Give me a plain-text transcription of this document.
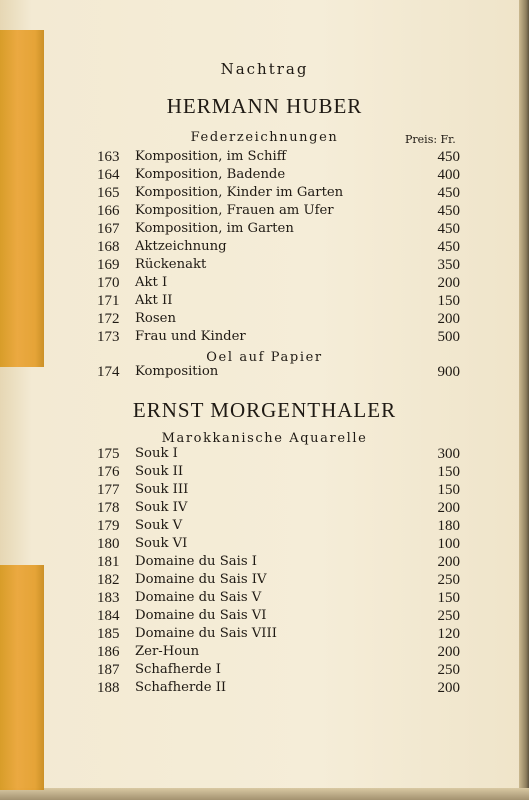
Nachtrag
HERMANN HUBER
Federzeichnungen	Preis: Fr.
Oel auf Papier
ERNST MORGENTHALER
Marokkanische Aquarelle
163	Komposition, im Schiff	450
164	Komposition, Badende	400
165	Komposition, Kinder im Garten	450
166	Komposition, Frauen am Ufer	450
167	Komposition, im Garten	450
168	Aktzeichnung	450
169	Rückenakt	350
170	Akt I	200
171	Akt II	150
172	Rosen	200
173	Frau und Kinder	500
174	Komposition	900
175	Souk I	300
176	Souk II	150
177	Souk III	150
178	Souk IV	200
179	Souk V	180
180	Souk VI	100
181	Domaine du Sais I	200
182	Domaine du Sais IV	250
183	Domaine du Sais V	150
184	Domaine du Sais VI	250
185	Domaine du Sais VIII	120
186	Zer-Houn	200
187	Schafherde I	250
188	Schafherde II	200
